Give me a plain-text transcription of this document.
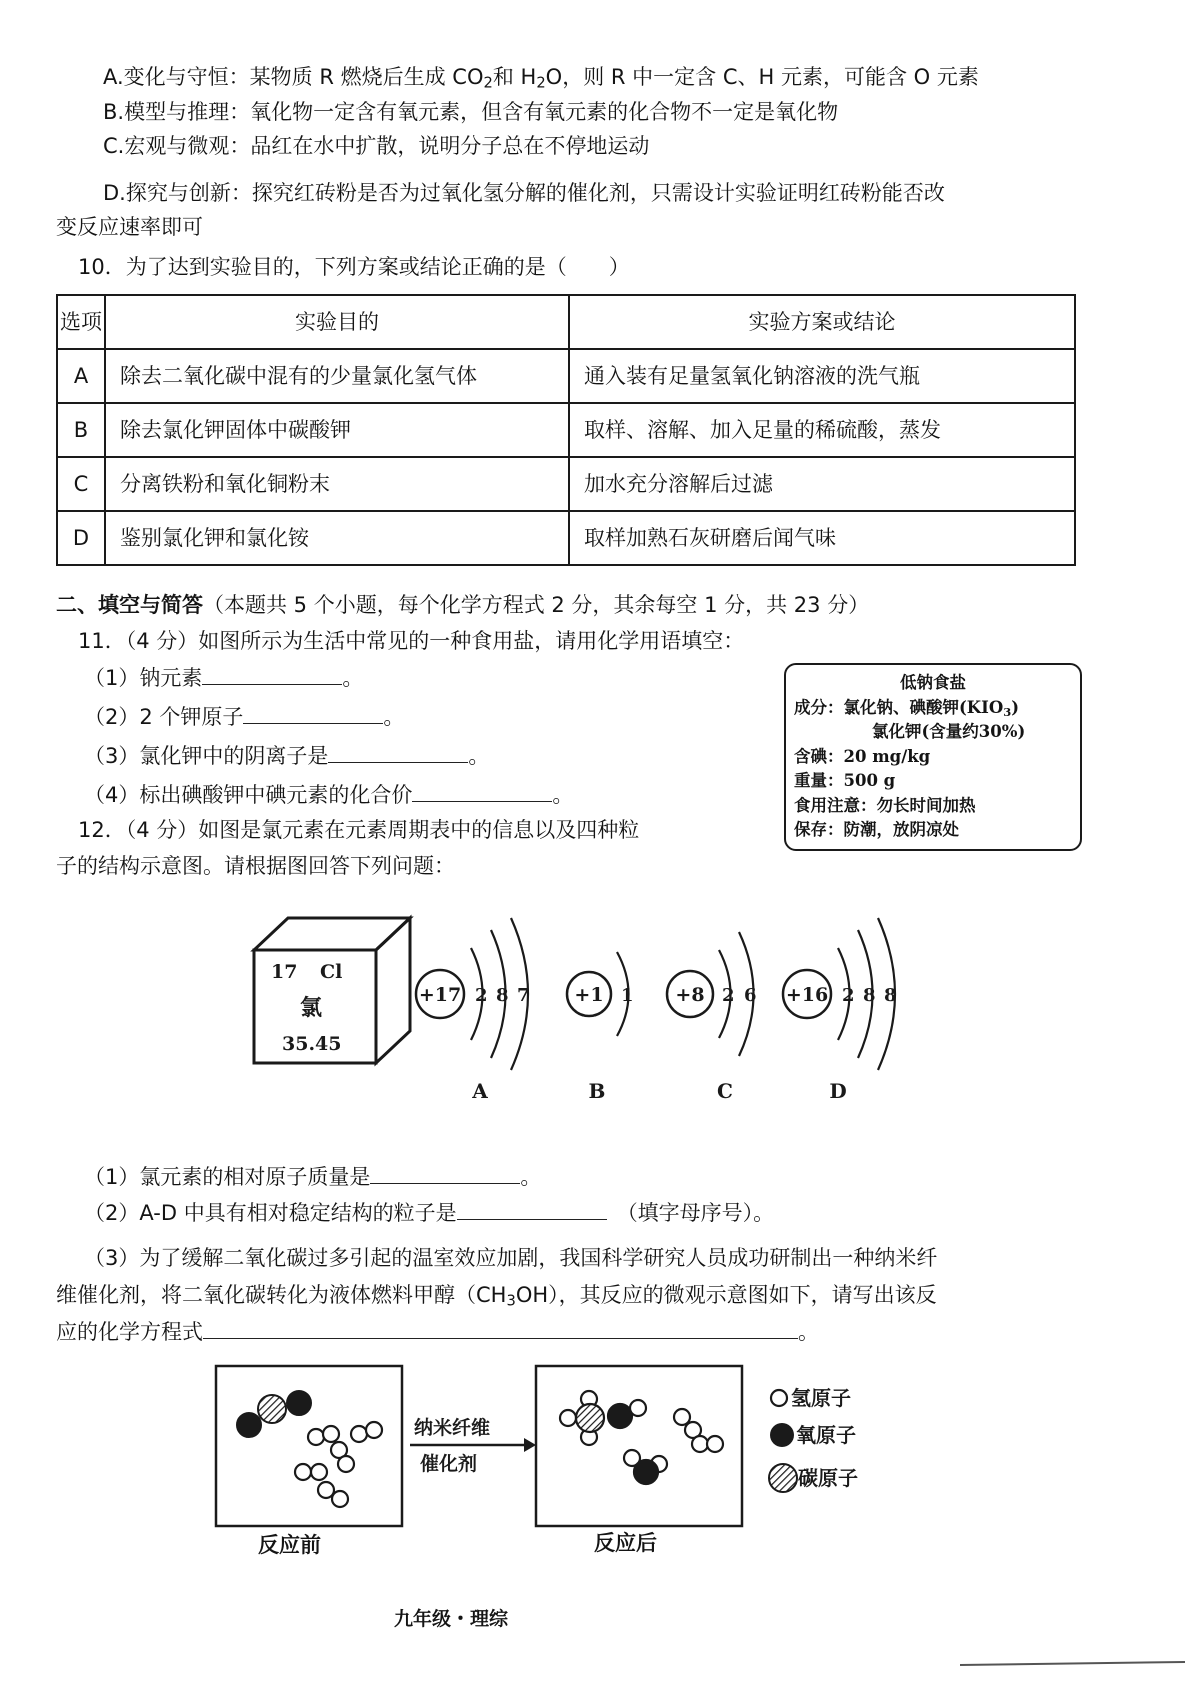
A.变化与守恒：某物质 R 燃烧后生成 $CO_2$和 $H_2O$，则 R 中一定含 C、H 元素，可能含 O 元素
B.模型与推理：氧化物一定含有氧元素，但含有氧元素的化合物不一定是氧化物
C.宏观与微观：品红在水中扩散，说明分子总在不停地运动
D.探究与创新：探究红砖粉是否为过氧化氢分解的催化剂，只需设计实验证明红砖粉能否改
变反应速率即可
10．为了达到实验目的，下列方案或结论正确的是（　　）
选项	实验目的	实验方案或结论
A	除去二氧化碳中混有的少量氯化氢气体	通入装有足量氢氧化钠溶液的洗气瓶
B	除去氯化钾固体中碳酸钾	取样、溶解、加入足量的稀硫酸，蒸发
C	分离铁粉和氧化铜粉末	加水充分溶解后过滤
D	鉴别氯化钾和氯化铵	取样加熟石灰研磨后闻气味
二、填空与简答（本题共 5 个小题，每个化学方程式 2 分，其余每空 1 分，共 23 分）
11．（4 分）如图所示为生活中常见的一种食用盐，请用化学用语填空：
（1）钠元素	。
（2）2 个钾原子	。
（3）氯化钾中的阴离子是	。
（4）标出碘酸钾中碘元素的化合价	。
低钠食盐
成分：氯化钠、碘酸钾$(KIO_3)$
氯化钾(含量约30%)
含碘：20 mg/kg
重量：500 g
食用注意：勿长时间加热
保存：防潮，放阴凉处
12．（4 分）如图是氯元素在元素周期表中的信息以及四种粒
子的结构示意图。请根据图回答下列问题：
17 Cl
氯
35.45
+17 2 8 7
A
+1 1
B
+8 2 6
C
+16 2 8 8
D
纳米纤维
催化剂
氢原子
氧原子
碳原子
（1）氯元素的相对原子质量是	。
（2）A-D 中具有相对稳定结构的粒子是	（填字母序号）。
（3）为了缓解二氧化碳过多引起的温室效应加剧，我国科学研究人员成功研制出一种纳米纤
维催化剂，将二氧化碳转化为液体燃料甲醇$(CH_3OH)$，其反应的微观示意图如下，请写出该反
应的化学方程式	。
反应前	反应后
九年级・理综
